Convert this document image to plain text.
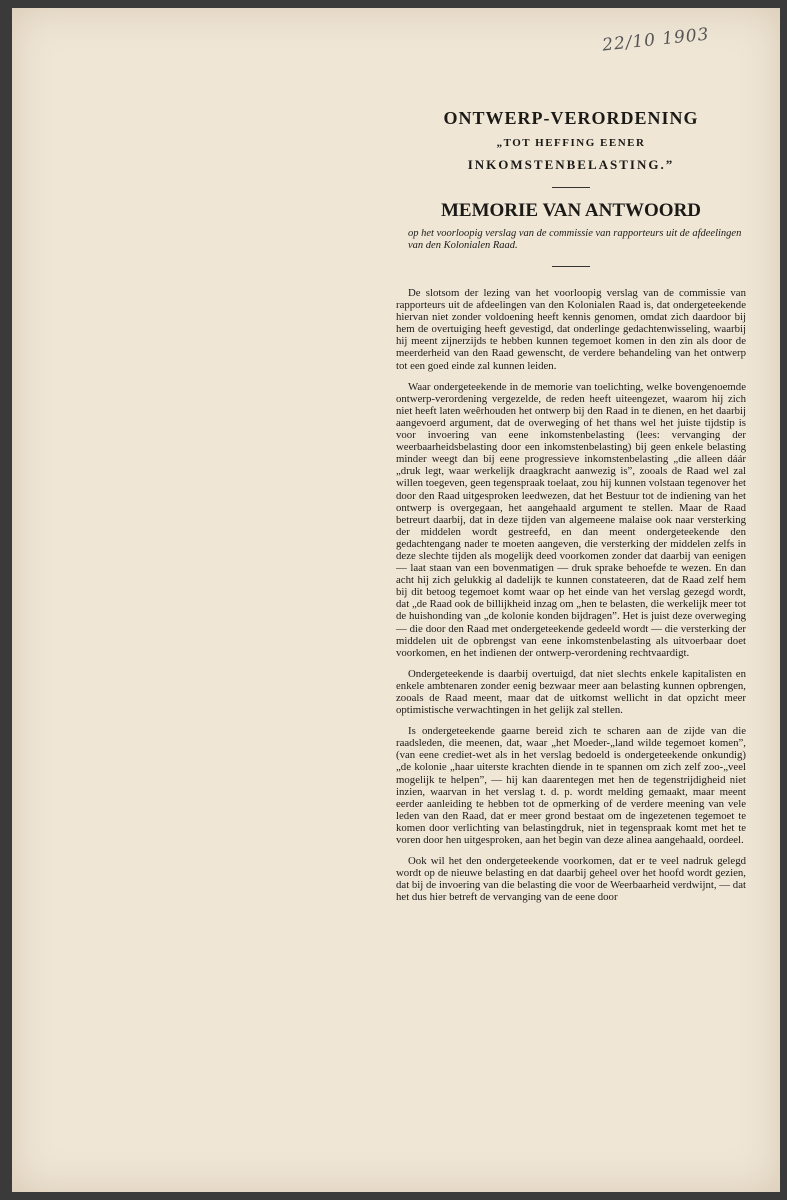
22/10 1903
ONTWERP-VERORDENING
„TOT HEFFING EENER
INKOMSTENBELASTING.”
MEMORIE VAN ANTWOORD
op het voorloopig verslag van de commissie van rapporteurs uit de afdeelingen van den Kolonialen Raad.

De slotsom der lezing van het voorloopig verslag van de commissie van rapporteurs uit de afdeelingen van den Kolonialen Raad is, dat ondergeteekende hiervan niet zonder voldoening heeft kennis genomen, omdat zich daardoor bij hem de overtuiging heeft gevestigd, dat onderlinge gedachtenwisseling, waarbij hij meent zijnerzijds te hebben kunnen tegemoet komen in den zin als door de meerderheid van den Raad gewenscht, de verdere behandeling van het ontwerp tot een goed einde zal kunnen leiden.

Waar ondergeteekende in de memorie van toelichting, welke bovengenoemde ontwerp-verordening vergezelde, de reden heeft uiteengezet, waarom hij zich niet heeft laten weêrhouden het ontwerp bij den Raad in te dienen, en het daarbij aangevoerd argument, dat de overweging of het thans wel het juiste tijdstip is voor invoering van eene inkomstenbelasting (lees: vervanging der weerbaarheidsbelasting door een inkomstenbelasting) bij geen enkele belasting minder weegt dan bij eene progressieve inkomstenbelasting „die alleen dáár „druk legt, waar werkelijk draagkracht aanwezig is”, zooals de Raad wel zal willen toegeven, geen tegenspraak toelaat, zou hij kunnen volstaan tegenover het door den Raad uitgesproken leedwezen, dat het Bestuur tot de indiening van het ontwerp is overgegaan, het aangehaald argument te stellen. Maar de Raad betreurt daarbij, dat in deze tijden van algemeene malaise ook naar versterking der middelen wordt gestreefd, en dan meent ondergeteekende den gedachtengang nader te moeten aangeven, die versterking der middelen zelfs in deze slechte tijden als mogelijk deed voorkomen zonder dat daarbij van eenigen — laat staan van een bovenmatigen — druk sprake behoefde te wezen. En dan acht hij zich gelukkig al dadelijk te kunnen constateeren, dat de Raad zelf hem bij dit betoog tegemoet komt waar op het einde van het verslag gezegd wordt, dat „de Raad ook de billijkheid inzag om „hen te belasten, die werkelijk meer tot de huishonding van „de kolonie konden bijdragen”. Het is juist deze overweging — die door den Raad met ondergeteekende gedeeld wordt — die versterking der middelen uit de opbrengst van eene inkomstenbelasting als uitvoerbaar doet voorkomen, en het indienen der ontwerp-verordening rechtvaardigt.

Ondergeteekende is daarbij overtuigd, dat niet slechts enkele kapitalisten en enkele ambtenaren zonder eenig bezwaar meer aan belasting kunnen opbrengen, zooals de Raad meent, maar dat de uitkomst wellicht in dat opzicht meer optimistische verwachtingen in het gelijk zal stellen.

Is ondergeteekende gaarne bereid zich te scharen aan de zijde van die raadsleden, die meenen, dat, waar „het Moeder-„land wilde tegemoet komen”, (van eene crediet-wet als in het verslag bedoeld is ondergeteekende onkundig) „de kolonie „haar uiterste krachten diende in te spannen om zich zelf zoo-„veel mogelijk te helpen”, — hij kan daarentegen met hen de tegenstrijdigheid niet inzien, waarvan in het verslag t. d. p. wordt melding gemaakt, maar meent eerder aanleiding te hebben tot de opmerking of de verdere meening van vele leden van den Raad, dat er meer grond bestaat om de ingezetenen tegemoet te komen door verlichting van belastingdruk, niet in tegenspraak komt met het te voren door hen uitgesproken, aan het begin van deze alinea aangehaald, oordeel.

Ook wil het den ondergeteekende voorkomen, dat er te veel nadruk gelegd wordt op de nieuwe belasting en dat daarbij geheel over het hoofd wordt gezien, dat bij de invoering van die belasting die voor de Weerbaarheid verdwijnt, — dat het dus hier betreft de vervanging van de eene door
